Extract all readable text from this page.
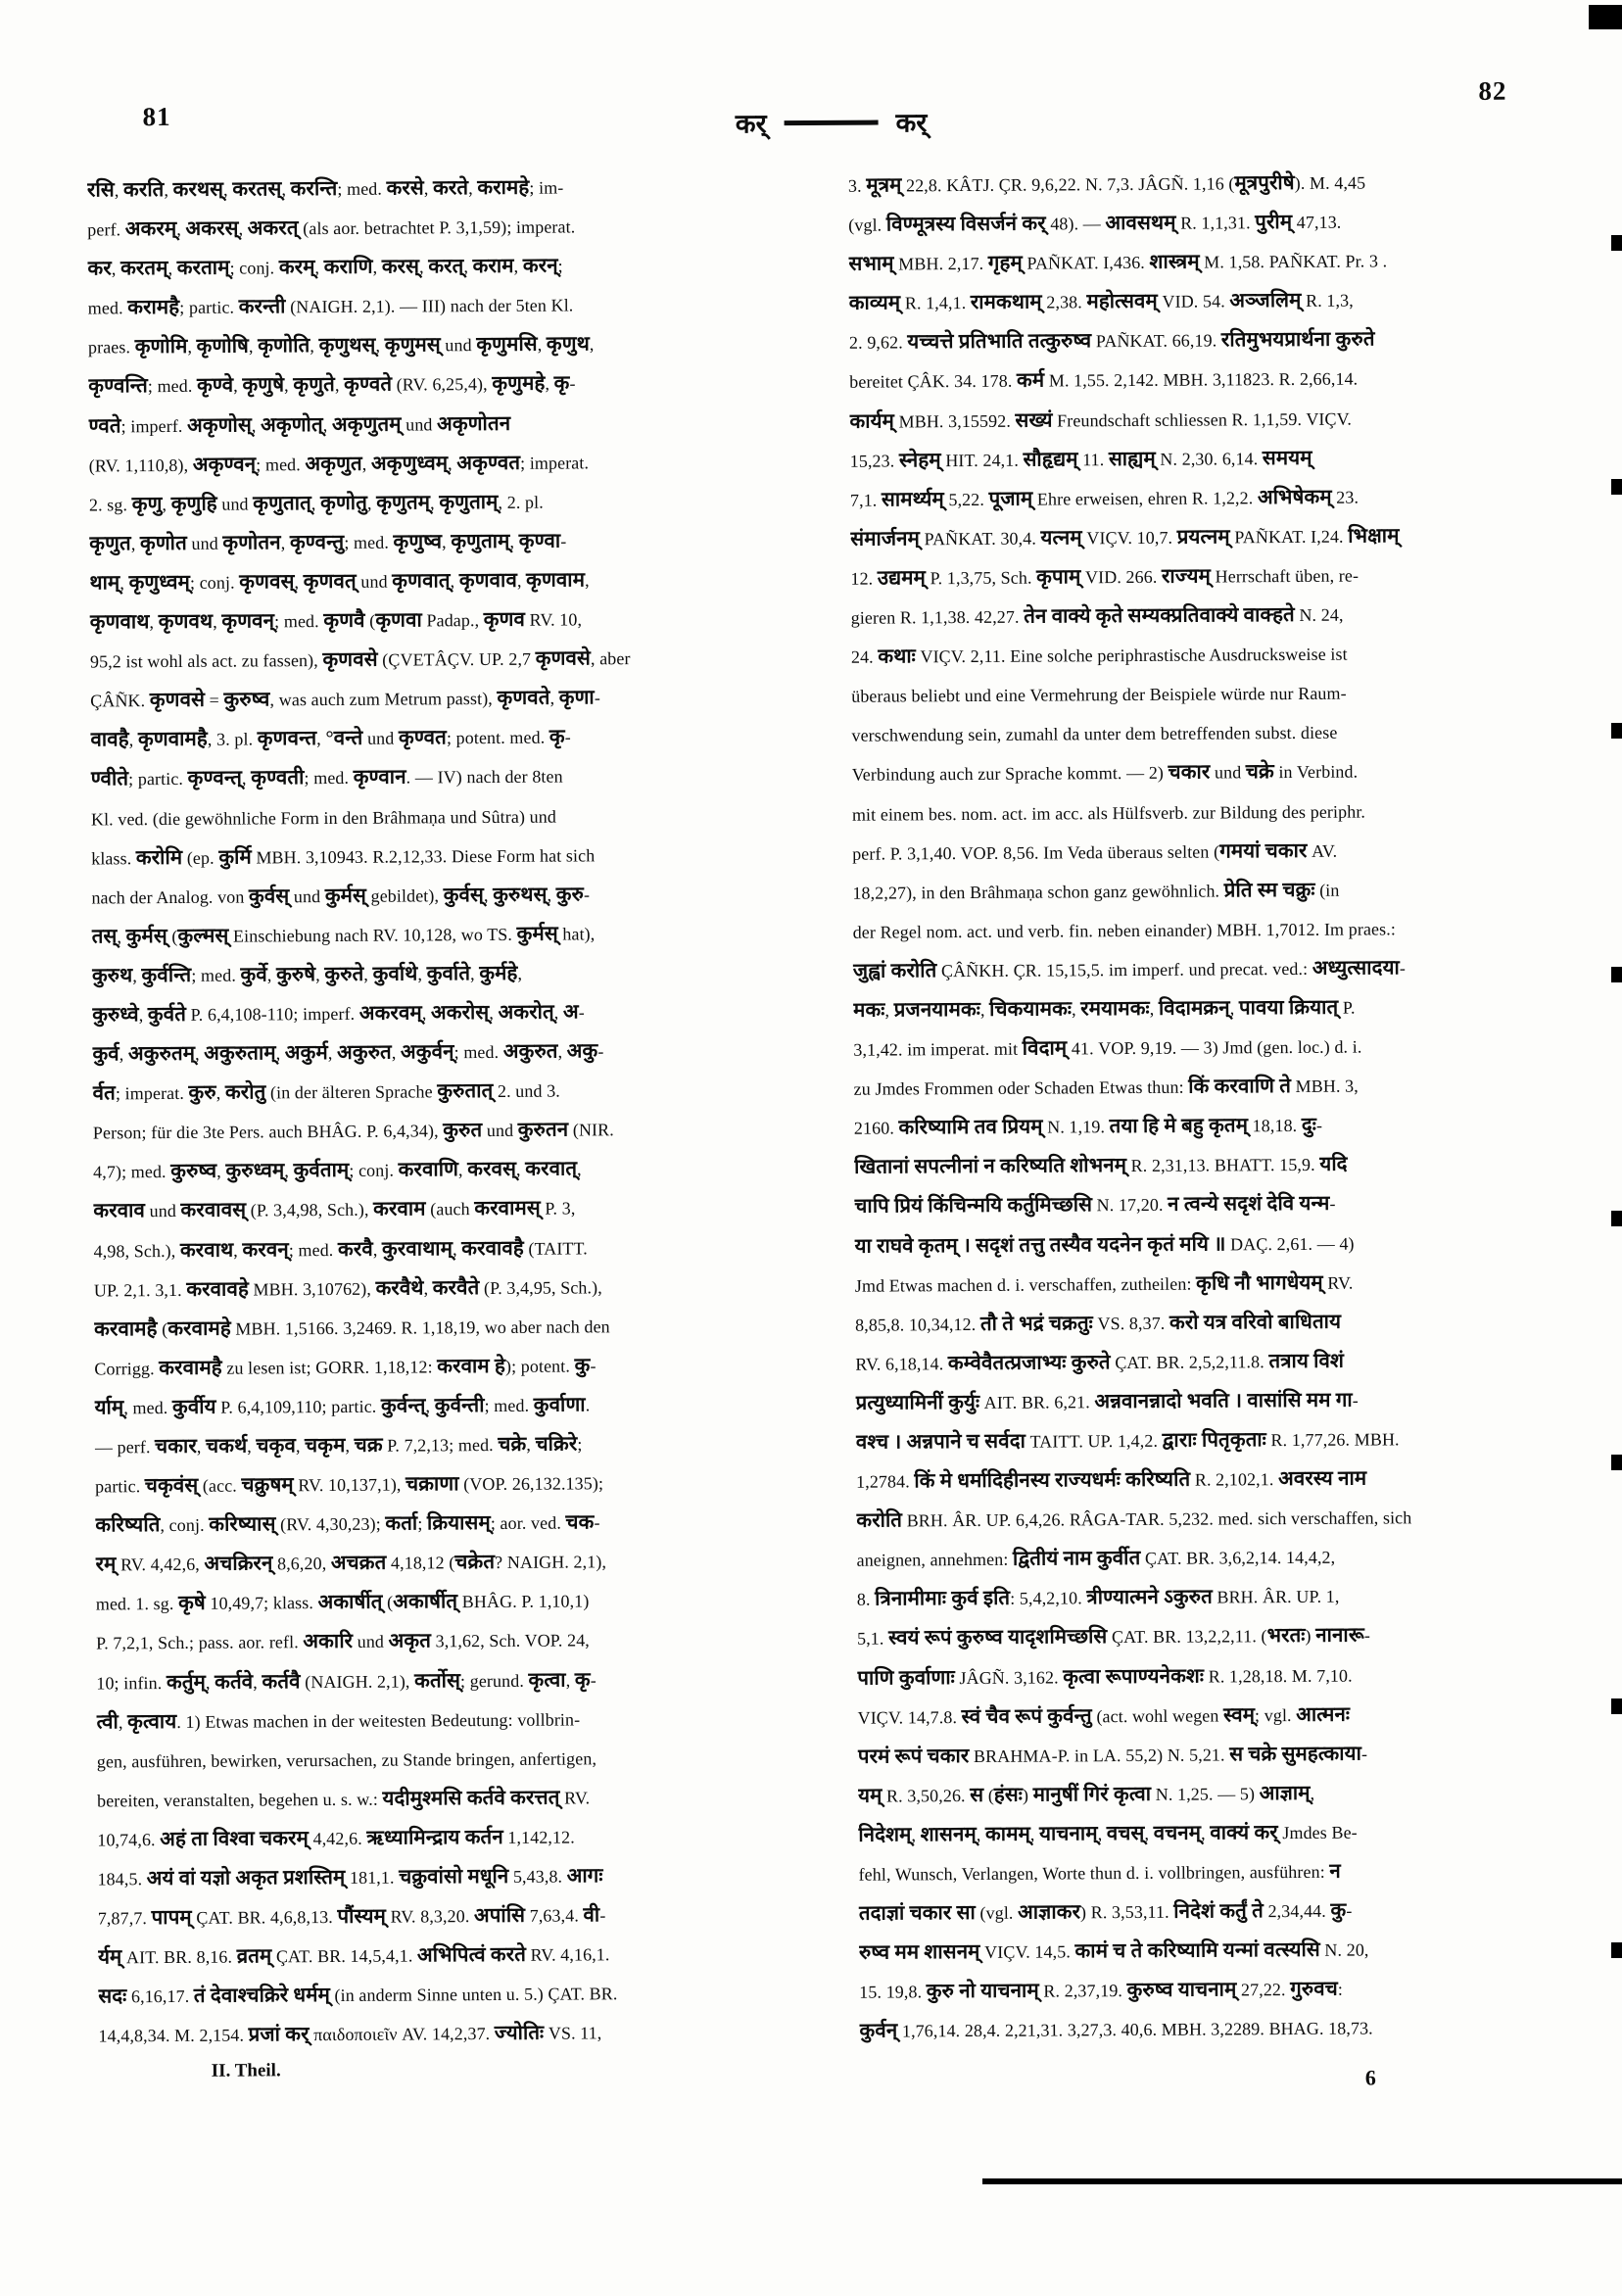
81	कर्	कर्
82
रसि, करति, करथस्, करतस्, करन्ति; med. करसे, करते, करामहे; im-
perf. अकरम्, अकरस्, अकरत् (als aor. betrachtet P. 3,1,59); imperat.
कर, करतम्, करताम्; conj. करम्, कराणि, करस्, करत्, कराम, करन्;
med. करामहै; partic. करन्ती (NAIGH. 2,1). — III) nach der 5ten Kl.
praes. कृणोमि, कृणोषि, कृणोति, कृणुथस्, कृणुमस् und कृणुमसि, कृणुथ,
कृण्वन्ति; med. कृण्वे, कृणुषे, कृणुते, कृण्वते (RV. 6,25,4), कृणुमहे, कृ-
ण्वते; imperf. अकृणोस्, अकृणोत्, अकृणुतम् und अकृणोतन
(RV. 1,110,8), अकृण्वन्; med. अकृणुत, अकृणुध्वम्, अकृण्वत; imperat.
2. sg. कृणु, कृणुहि und कृणुतात्, कृणोतु, कृणुतम्, कृणुताम्, 2. pl.
कृणुत, कृणोत und कृणोतन, कृण्वन्तु; med. कृणुष्व, कृणुताम्, कृण्वा-
थाम्, कृणुध्वम्; conj. कृणवस्, कृणवत् und कृणवात्, कृणवाव, कृणवाम,
कृणवाथ, कृणवथ, कृणवन्; med. कृणवै (कृणवा Padap., कृणव RV. 10,
95,2 ist wohl als act. zu fassen), कृणवसे (ÇVETÂÇV. UP. 2,7 कृणवसे, aber
ÇÂÑK. कृणवसे = कुरुष्व, was auch zum Metrum passt), कृणवते, कृणा-
वावहै, कृणवामहै, 3. pl. कृणवन्त, °वन्ते und कृण्वत; potent. med. कृ-
ण्वीते; partic. कृण्वन्त्, कृण्वती; med. कृण्वान. — IV) nach der 8ten
Kl. ved. (die gewöhnliche Form in den Brâhmaṇa und Sûtra) und
klass. करोमि (ep. कुर्मि MBH. 3,10943. R.2,12,33. Diese Form hat sich
nach der Analog. von कुर्वस् und कुर्मस् gebildet), कुर्वस्, कुरुथस्, कुरु-
तस्, कुर्मस् (कुल्मस् Einschiebung nach RV. 10,128, wo TS. कुर्मस् hat),
कुरुथ, कुर्वन्ति; med. कुर्वे, कुरुषे, कुरुते, कुर्वाथे, कुर्वाते, कुर्महे,
कुरुध्वे, कुर्वते P. 6,4,108-110; imperf. अकरवम्, अकरोस्, अकरोत्, अ-
कुर्व, अकुरुतम्, अकुरुताम्, अकुर्म, अकुरुत, अकुर्वन्; med. अकुरुत, अकु-
र्वत; imperat. कुरु, करोतु (in der älteren Sprache कुरुतात् 2. und 3.
Person; für die 3te Pers. auch BHÂG. P. 6,4,34), कुरुत und कुरुतन (NIR.
4,7); med. कुरुष्व, कुरुध्वम्, कुर्वताम्; conj. करवाणि, करवस्, करवात्,
करवाव und करवावस् (P. 3,4,98, Sch.), करवाम (auch करवामस् P. 3,
4,98, Sch.), करवाथ, करवन्; med. करवै, कुरवाथाम्, करवावहै (TAITT.
UP. 2,1. 3,1. करवावहे MBH. 3,10762), करवैथे, करवैते (P. 3,4,95, Sch.),
करवामहै (करवामहे MBH. 1,5166. 3,2469. R. 1,18,19, wo aber nach den
Corrigg. करवामहै zu lesen ist; GORR. 1,18,12: करवाम हे); potent. कु-
र्याम्, med. कुर्वीय P. 6,4,109,110; partic. कुर्वन्त्, कुर्वन्ती; med. कुर्वाणा.
— perf. चकार, चकर्थ, चकृव, चकृम, चक्र P. 7,2,13; med. चक्रे, चक्रिरे;
partic. चकृवंस् (acc. चक्रुषम् RV. 10,137,1), चक्राणा (VOP. 26,132.135);
करिष्यति, conj. करिष्यास् (RV. 4,30,23); कर्ता; क्रियासम्; aor. ved. चक-
रम् RV. 4,42,6, अचक्रिरन् 8,6,20, अचक्रत 4,18,12 (चक्रेत? NAIGH. 2,1),
med. 1. sg. कृषे 10,49,7; klass. अकार्षीत् (अकार्षीत् BHÂG. P. 1,10,1)
P. 7,2,1, Sch.; pass. aor. refl. अकारि und अकृत 3,1,62, Sch. VOP. 24,
10; infin. कर्तुम्, कर्तवे, कर्तवै (NAIGH. 2,1), कर्तोस्; gerund. कृत्वा, कृ-
त्वी, कृत्वाय. 1) Etwas machen in der weitesten Bedeutung: vollbrin-
gen, ausführen, bewirken, verursachen, zu Stande bringen, anfertigen,
bereiten, veranstalten, begehen u. s. w.: यदीमुश्मसि कर्तवे करत्तत् RV.
10,74,6. अहं ता विश्वा चकरम् 4,42,6. ऋध्यामिन्द्राय कर्तन 1,142,12.
184,5. अयं वां यज्ञो अकृत प्रशस्तिम् 181,1. चक्रुवांसो मधूनि 5,43,8. आगः
7,87,7. पापम् ÇAT. BR. 4,6,8,13. पौंस्यम् RV. 8,3,20. अपांसि 7,63,4. वी-
र्यम् AIT. BR. 8,16. व्रतम् ÇAT. BR. 14,5,4,1. अभिपित्वं करते RV. 4,16,1.
सदः 6,16,17. तं देवाश्चक्रिरे धर्मम् (in anderm Sinne unten u. 5.) ÇAT. BR.
14,4,8,34. M. 2,154. प्रजां कर् παιδοποιεῖν AV. 14,2,37. ज्योतिः VS. 11,
3. मूत्रम् 22,8. KÂTJ. ÇR. 9,6,22. N. 7,3. JÂGÑ. 1,16 (मूत्रपुरीषे). M. 4,45
(vgl. विण्मूत्रस्य विसर्जनं कर् 48). — आवसथम् R. 1,1,31. पुरीम् 47,13.
सभाम् MBH. 2,17. गृहम् PAÑKAT. I,436. शास्त्रम् M. 1,58. PAÑKAT. Pr. 3 .
काव्यम् R. 1,4,1. रामकथाम् 2,38. महोत्सवम् VID. 54. अञ्जलिम् R. 1,3,
2. 9,62. यच्चत्ते प्रतिभाति तत्कुरुष्व PAÑKAT. 66,19. रतिमुभयप्रार्थना कुरुते
bereitet ÇÂK. 34. 178. कर्म M. 1,55. 2,142. MBH. 3,11823. R. 2,66,14.
कार्यम् MBH. 3,15592. सख्यं Freundschaft schliessen R. 1,1,59. VIÇV.
15,23. स्नेहम् HIT. 24,1. सौहृद्यम् 11. साह्यम् N. 2,30. 6,14. समयम्
7,1. सामर्थ्यम् 5,22. पूजाम् Ehre erweisen, ehren R. 1,2,2. अभिषेकम् 23.
संमार्जनम् PAÑKAT. 30,4. यत्नम् VIÇV. 10,7. प्रयत्नम् PAÑKAT. I,24. भिक्षाम्
12. उद्यमम् P. 1,3,75, Sch. कृपाम् VID. 266. राज्यम् Herrschaft üben, re-
gieren R. 1,1,38. 42,27. तेन वाक्ये कृते सम्यक्प्रतिवाक्ये वाक्हते N. 24,
24. कथाः VIÇV. 2,11. Eine solche periphrastische Ausdrucksweise ist
überaus beliebt und eine Vermehrung der Beispiele würde nur Raum-
verschwendung sein, zumahl da unter dem betreffenden subst. diese
Verbindung auch zur Sprache kommt. — 2) चकार und चक्रे in Verbind.
mit einem bes. nom. act. im acc. als Hülfsverb. zur Bildung des periphr.
perf. P. 3,1,40. VOP. 8,56. Im Veda überaus selten (गमयां चकार AV.
18,2,27), in den Brâhmaṇa schon ganz gewöhnlich. प्रेति स्म चक्रुः (in
der Regel nom. act. und verb. fin. neben einander) MBH. 1,7012. Im praes.:
जुह्वां करोति ÇÂÑKH. ÇR. 15,15,5. im imperf. und precat. ved.: अध्युत्सादया-
मकः, प्रजनयामकः, चिकयामकः, रमयामकः, विदामक्रन्, पावया क्रियात् P.
3,1,42. im imperat. mit विदाम् 41. VOP. 9,19. — 3) Jmd (gen. loc.) d. i.
zu Jmdes Frommen oder Schaden Etwas thun: किं करवाणि ते MBH. 3,
2160. करिष्यामि तव प्रियम् N. 1,19. तया हि मे बहु कृतम् 18,18. दुः-
खितानां सपत्नीनां न करिष्यति शोभनम् R. 2,31,13. BHATT. 15,9. यदि
चापि प्रियं किंचिन्मयि कर्तुमिच्छसि N. 17,20. न त्वन्ये सदृशं देवि यन्म-
या राघवे कृतम् । सदृशं तत्तु तस्यैव यदनेन कृतं मयि ॥ DAÇ. 2,61. — 4)
Jmd Etwas machen d. i. verschaffen, zutheilen: कृधि नौ भागधेयम् RV.
8,85,8. 10,34,12. तौ ते भद्रं चक्रतुः VS. 8,37. करो यत्र वरिवो बाधिताय
RV. 6,18,14. कम्वेवैतत्प्रजाभ्यः कुरुते ÇAT. BR. 2,5,2,11.8. तत्राय विशं
प्रत्युध्यामिनीं कुर्युः AIT. BR. 6,21. अन्नवानन्नादो भवति । वासांसि मम गा-
वश्च । अन्नपाने च सर्वदा TAITT. UP. 1,4,2. द्वाराः पितृकृताः R. 1,77,26. MBH.
1,2784. किं मे धर्मादिहीनस्य राज्यधर्मः करिष्यति R. 2,102,1. अवरस्य नाम
करोति BRH. ÂR. UP. 6,4,26. RÂGA-TAR. 5,232. med. sich verschaffen, sich
aneignen, annehmen: द्वितीयं नाम कुर्वीत ÇAT. BR. 3,6,2,14. 14,4,2,
8. त्रिनामीमाः कुर्व इति: 5,4,2,10. त्रीण्यात्मने ऽकुरुत BRH. ÂR. UP. 1,
5,1. स्वयं रूपं कुरुष्व यादृशमिच्छसि ÇAT. BR. 13,2,2,11. (भरतः) नानारू-
पाणि कुर्वाणाः JÂGÑ. 3,162. कृत्वा रूपाण्यनेकशः R. 1,28,18. M. 7,10.
VIÇV. 14,7.8. स्वं चैव रूपं कुर्वन्तु (act. wohl wegen स्वम्; vgl. आत्मनः
परमं रूपं चकार BRAHMA-P. in LA. 55,2) N. 5,21. स चक्रे सुमहत्काया-
यम् R. 3,50,26. स (हंसः) मानुषीं गिरं कृत्वा N. 1,25. — 5) आज्ञाम्,
निदेशम्, शासनम्, कामम्, याचनाम्, वचस्, वचनम्, वाक्यं कर् Jmdes Be-
fehl, Wunsch, Verlangen, Worte thun d. i. vollbringen, ausführen: न
तदाज्ञां चकार सा (vgl. आज्ञाकर) R. 3,53,11. निदेशं कर्तुं ते 2,34,44. कु-
रुष्व मम शासनम् VIÇV. 14,5. कामं च ते करिष्यामि यन्मां वत्स्यसि N. 20,
15. 19,8. कुरु नो याचनाम् R. 2,37,19. कुरुष्व याचनाम् 27,22. गुरुवच:
कुर्वन् 1,76,14. 28,4. 2,21,31. 3,27,3. 40,6. MBH. 3,2289. BHAG. 18,73.
II. Theil.	6
